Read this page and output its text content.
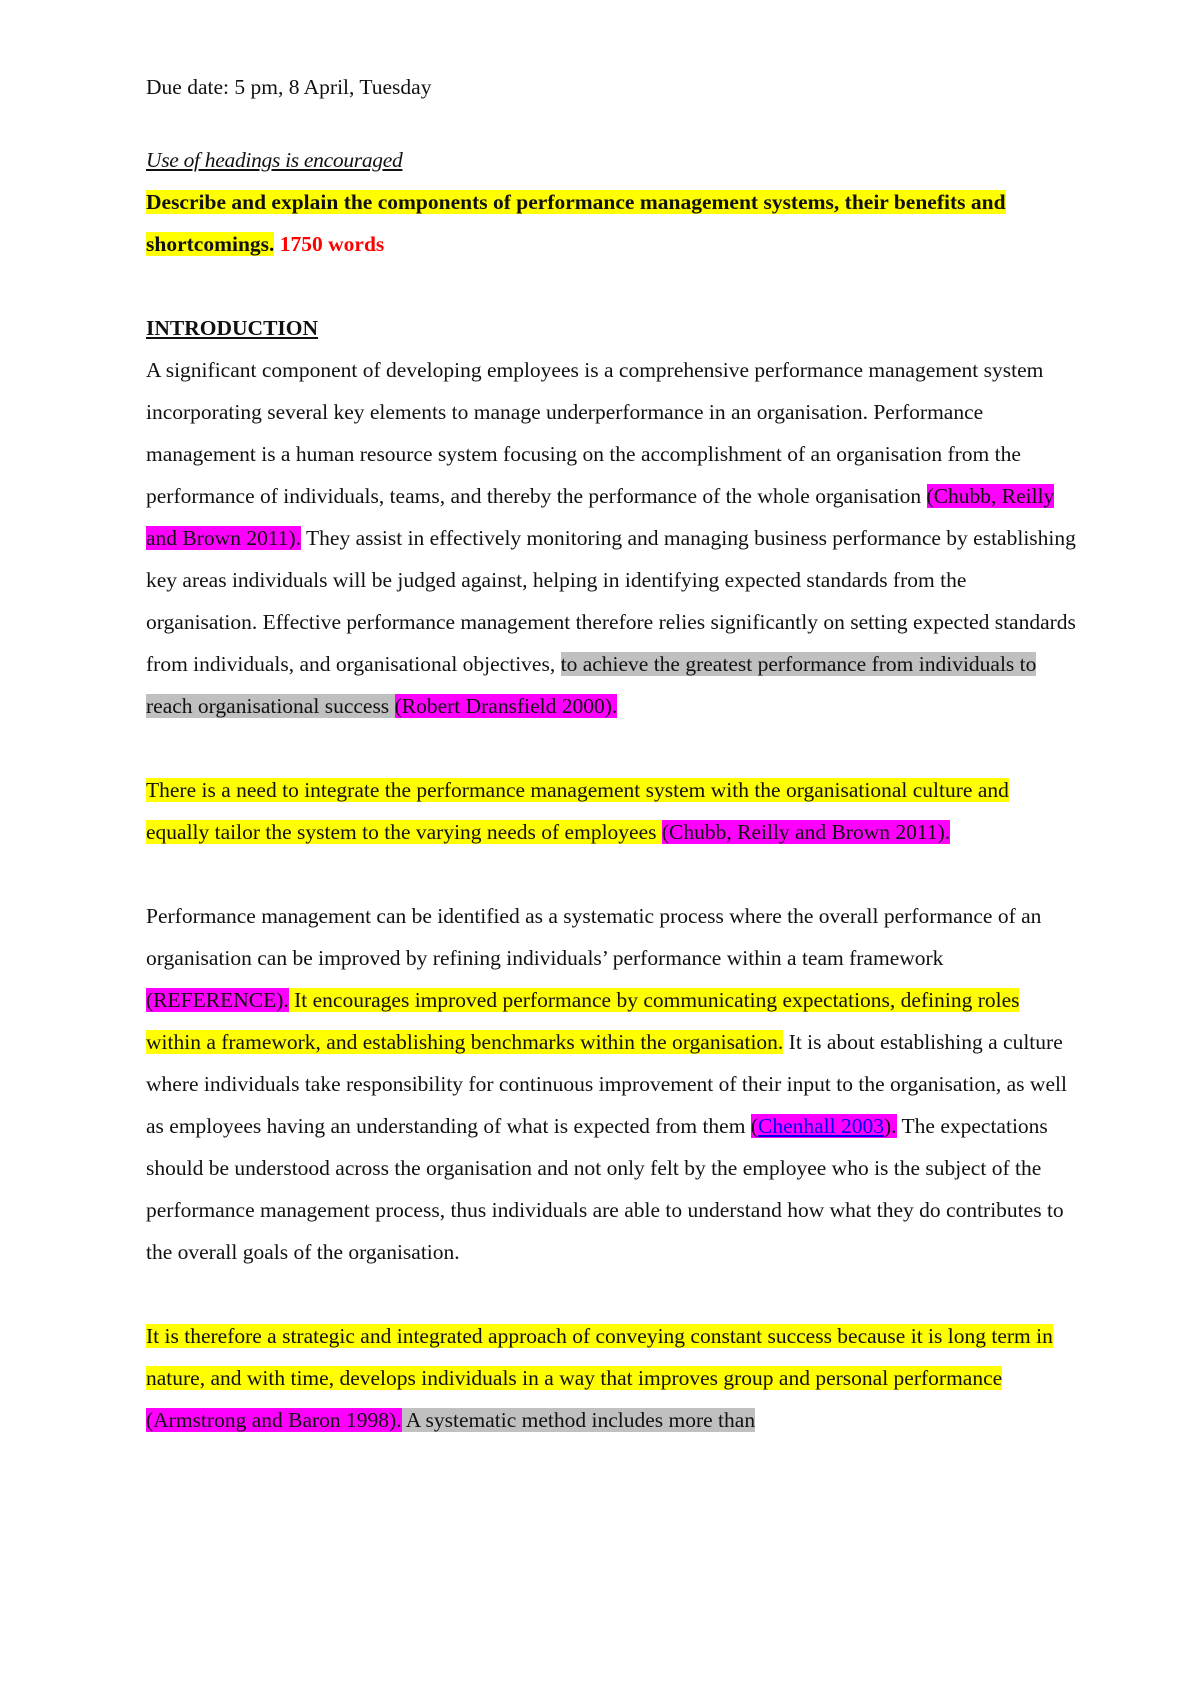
Due date: 5 pm, 8 April, Tuesday

Use of headings is encouraged

Describe and explain the components of performance management systems, their benefits and shortcomings. 1750 words

INTRODUCTION

A significant component of developing employees is a comprehensive performance management system incorporating several key elements to manage underperformance in an organisation. Performance management is a human resource system focusing on the accomplishment of an organisation from the performance of individuals, teams, and thereby the performance of the whole organisation (Chubb, Reilly and Brown 2011). They assist in effectively monitoring and managing business performance by establishing key areas individuals will be judged against, helping in identifying expected standards from the organisation. Effective performance management therefore relies significantly on setting expected standards from individuals, and organisational objectives, to achieve the greatest performance from individuals to reach organisational success (Robert Dransfield 2000).

There is a need to integrate the performance management system with the organisational culture and equally tailor the system to the varying needs of employees (Chubb, Reilly and Brown 2011).

Performance management can be identified as a systematic process where the overall performance of an organisation can be improved by refining individuals’ performance within a team framework (REFERENCE). It encourages improved performance by communicating expectations, defining roles within a framework, and establishing benchmarks within the organisation. It is about establishing a culture where individuals take responsibility for continuous improvement of their input to the organisation, as well as employees having an understanding of what is expected from them (Chenhall 2003). The expectations should be understood across the organisation and not only felt by the employee who is the subject of the performance management process, thus individuals are able to understand how what they do contributes to the overall goals of the organisation.

It is therefore a strategic and integrated approach of conveying constant success because it is long term in nature, and with time, develops individuals in a way that improves group and personal performance (Armstrong and Baron 1998). A systematic method includes more than
